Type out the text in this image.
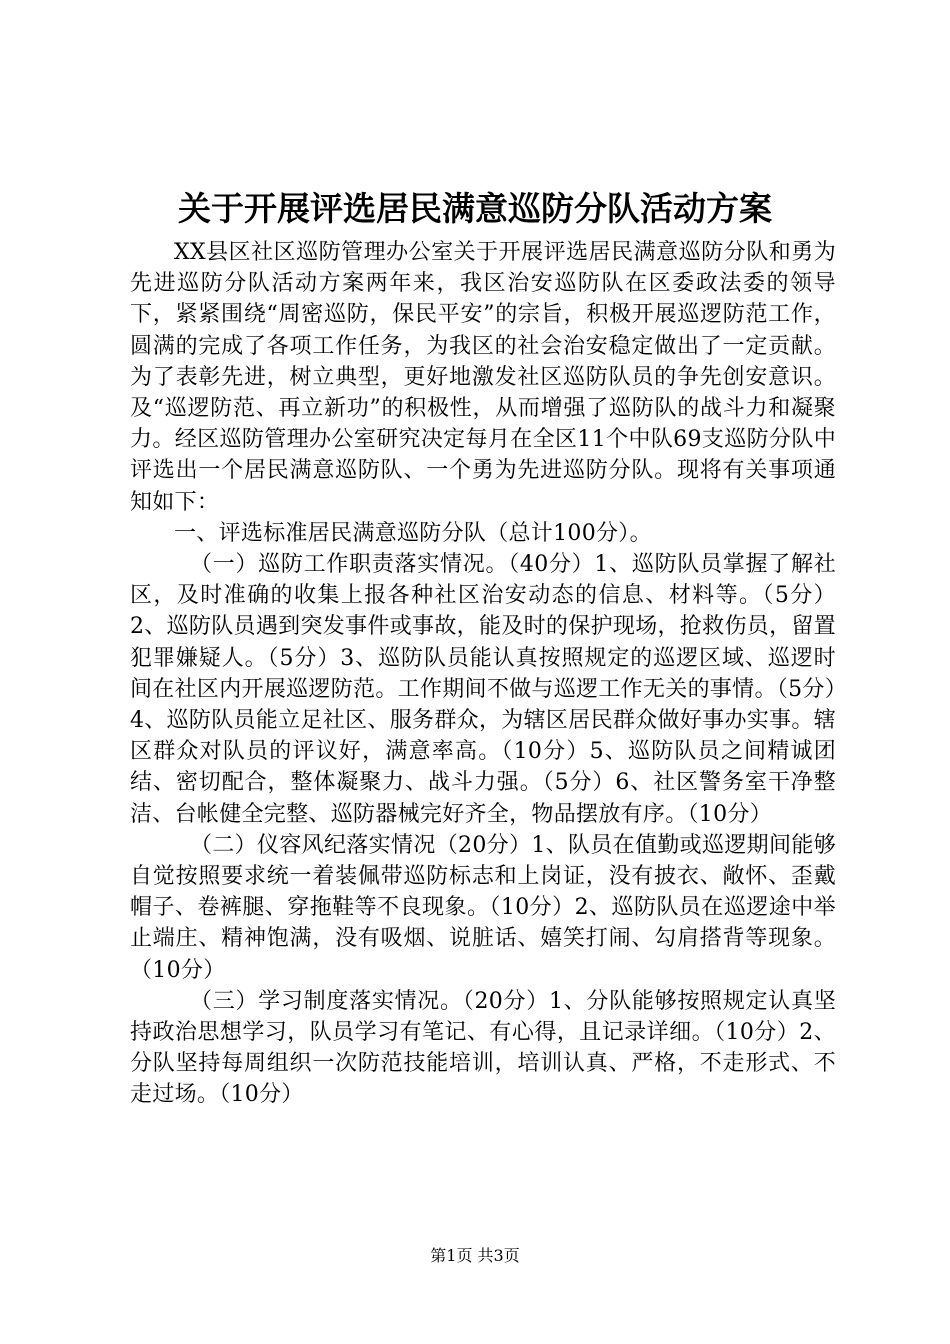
关于开展评选居民满意巡防分队活动方案

XX县区社区巡防管理办公室关于开展评选居民满意巡防分队和勇为先进巡防分队活动方案两年来，我区治安巡防队在区委政法委的领导下，紧紧围绕“周密巡防，保民平安”的宗旨，积极开展巡逻防范工作，圆满的完成了各项工作任务，为我区的社会治安稳定做出了一定贡献。为了表彰先进，树立典型，更好地激发社区巡防队员的争先创安意识。及“巡逻防范、再立新功”的积极性，从而增强了巡防队的战斗力和凝聚力。经区巡防管理办公室研究决定每月在全区11个中队69支巡防分队中评选出一个居民满意巡防队、一个勇为先进巡防分队。现将有关事项通知如下：

一、评选标准居民满意巡防分队（总计100分）。

（一）巡防工作职责落实情况。（40分）1、巡防队员掌握了解社区，及时准确的收集上报各种社区治安动态的信息、材料等。（5分）2、巡防队员遇到突发事件或事故，能及时的保护现场，抢救伤员，留置犯罪嫌疑人。（5分）3、巡防队员能认真按照规定的巡逻区域、巡逻时间在社区内开展巡逻防范。工作期间不做与巡逻工作无关的事情。（5分）4、巡防队员能立足社区、服务群众，为辖区居民群众做好事办实事。辖区群众对队员的评议好，满意率高。（10分）5、巡防队员之间精诚团结、密切配合，整体凝聚力、战斗力强。（5分）6、社区警务室干净整洁、台帐健全完整、巡防器械完好齐全，物品摆放有序。（10分）

（二）仪容风纪落实情况（20分）1、队员在值勤或巡逻期间能够自觉按照要求统一着装佩带巡防标志和上岗证，没有披衣、敞怀、歪戴帽子、卷裤腿、穿拖鞋等不良现象。（10分）2、巡防队员在巡逻途中举止端庄、精神饱满，没有吸烟、说脏话、嬉笑打闹、勾肩搭背等现象。（10分）

（三）学习制度落实情况。（20分）1、分队能够按照规定认真坚持政治思想学习，队员学习有笔记、有心得，且记录详细。（10分）2、分队坚持每周组织一次防范技能培训，培训认真、严格，不走形式、不走过场。（10分）

第1页 共3页
